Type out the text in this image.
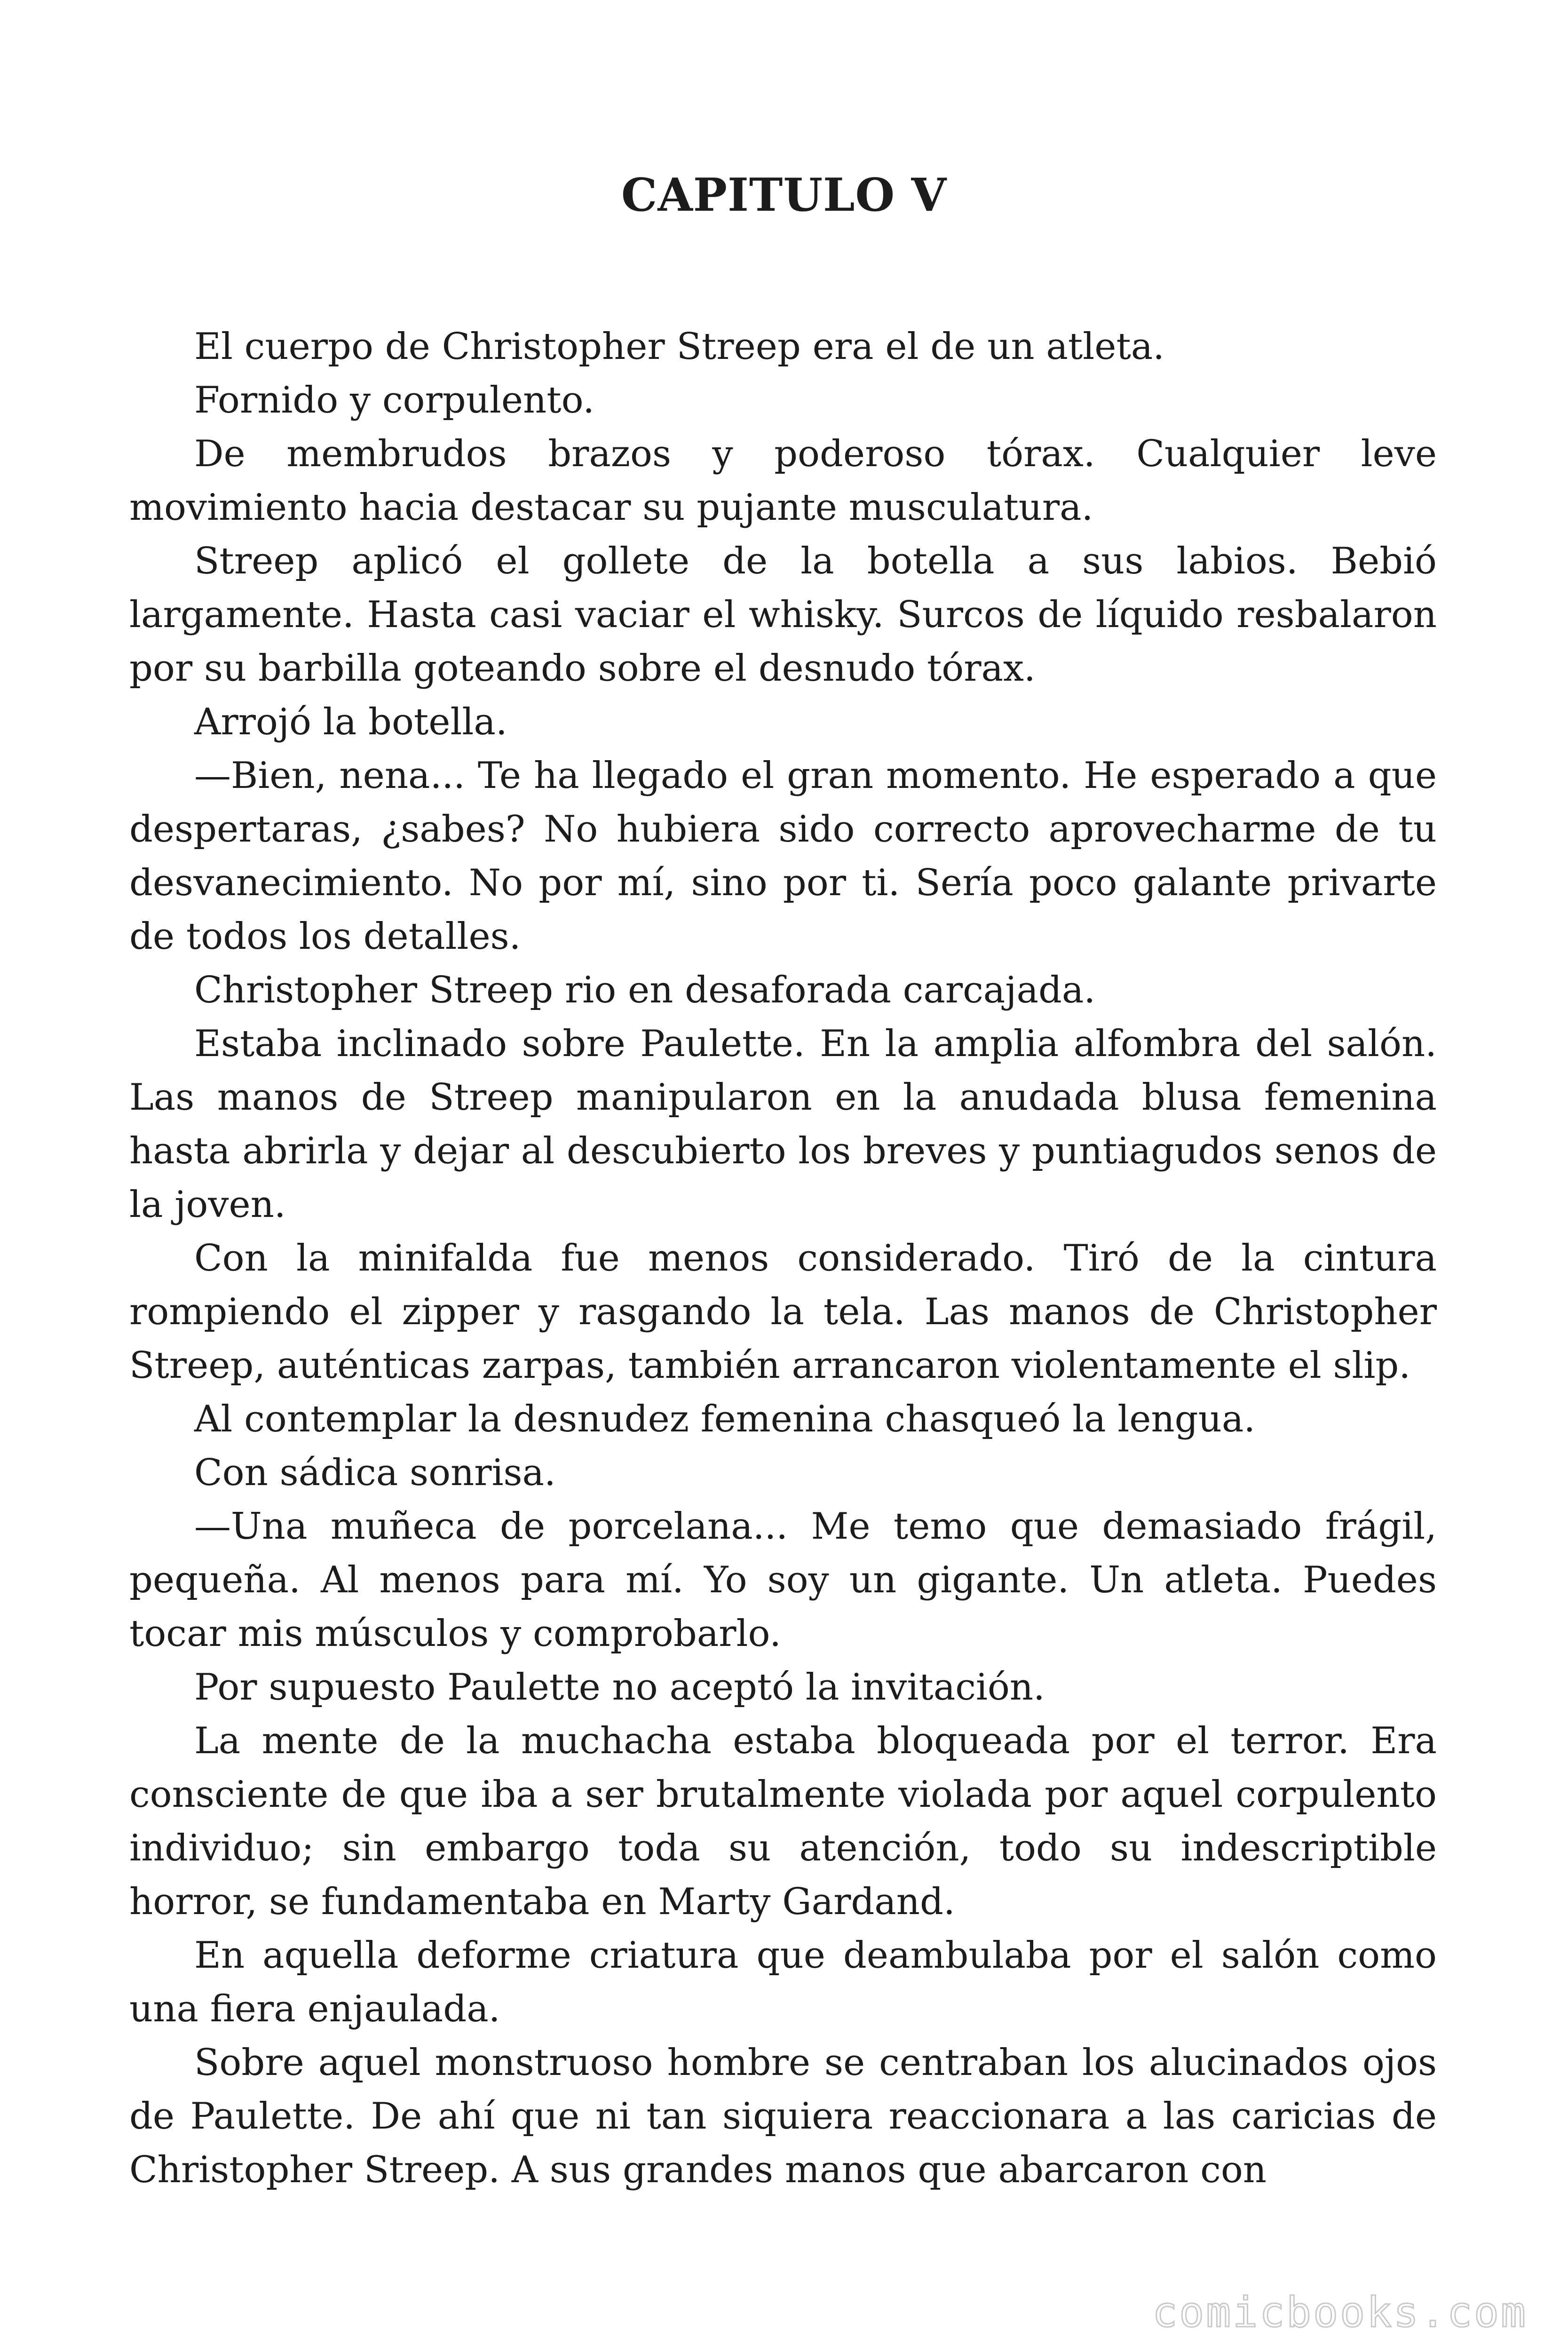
CAPITULO V

El cuerpo de Christopher Streep era el de un atleta.

Fornido y corpulento.

De membrudos brazos y poderoso tórax. Cualquier leve movimiento hacia destacar su pujante musculatura.

Streep aplicó el gollete de la botella a sus labios. Bebió largamente. Hasta casi vaciar el whisky. Surcos de líquido resbalaron por su barbilla goteando sobre el desnudo tórax.

Arrojó la botella.

—Bien, nena... Te ha llegado el gran momento. He esperado a que despertaras, ¿sabes? No hubiera sido correcto aprovecharme de tu desvanecimiento. No por mí, sino por ti. Sería poco galante privarte de todos los detalles.

Christopher Streep rio en desaforada carcajada.

Estaba inclinado sobre Paulette. En la amplia alfombra del salón. Las manos de Streep manipularon en la anudada blusa femenina hasta abrirla y dejar al descubierto los breves y puntiagudos senos de la joven.

Con la minifalda fue menos considerado. Tiró de la cintura rompiendo el zipper y rasgando la tela. Las manos de Christopher Streep, auténticas zarpas, también arrancaron violentamente el slip.

Al contemplar la desnudez femenina chasqueó la lengua.

Con sádica sonrisa.

—Una muñeca de porcelana... Me temo que demasiado frágil, pequeña. Al menos para mí. Yo soy un gigante. Un atleta. Puedes tocar mis músculos y comprobarlo.

Por supuesto Paulette no aceptó la invitación.

La mente de la muchacha estaba bloqueada por el terror. Era consciente de que iba a ser brutalmente violada por aquel corpulento individuo; sin embargo toda su atención, todo su indescriptible horror, se fundamentaba en Marty Gardand.

En aquella deforme criatura que deambulaba por el salón como una fiera enjaulada.

Sobre aquel monstruoso hombre se centraban los alucinados ojos de Paulette. De ahí que ni tan siquiera reaccionara a las caricias de Christopher Streep. A sus grandes manos que abarcaron con

comicbooks.com
